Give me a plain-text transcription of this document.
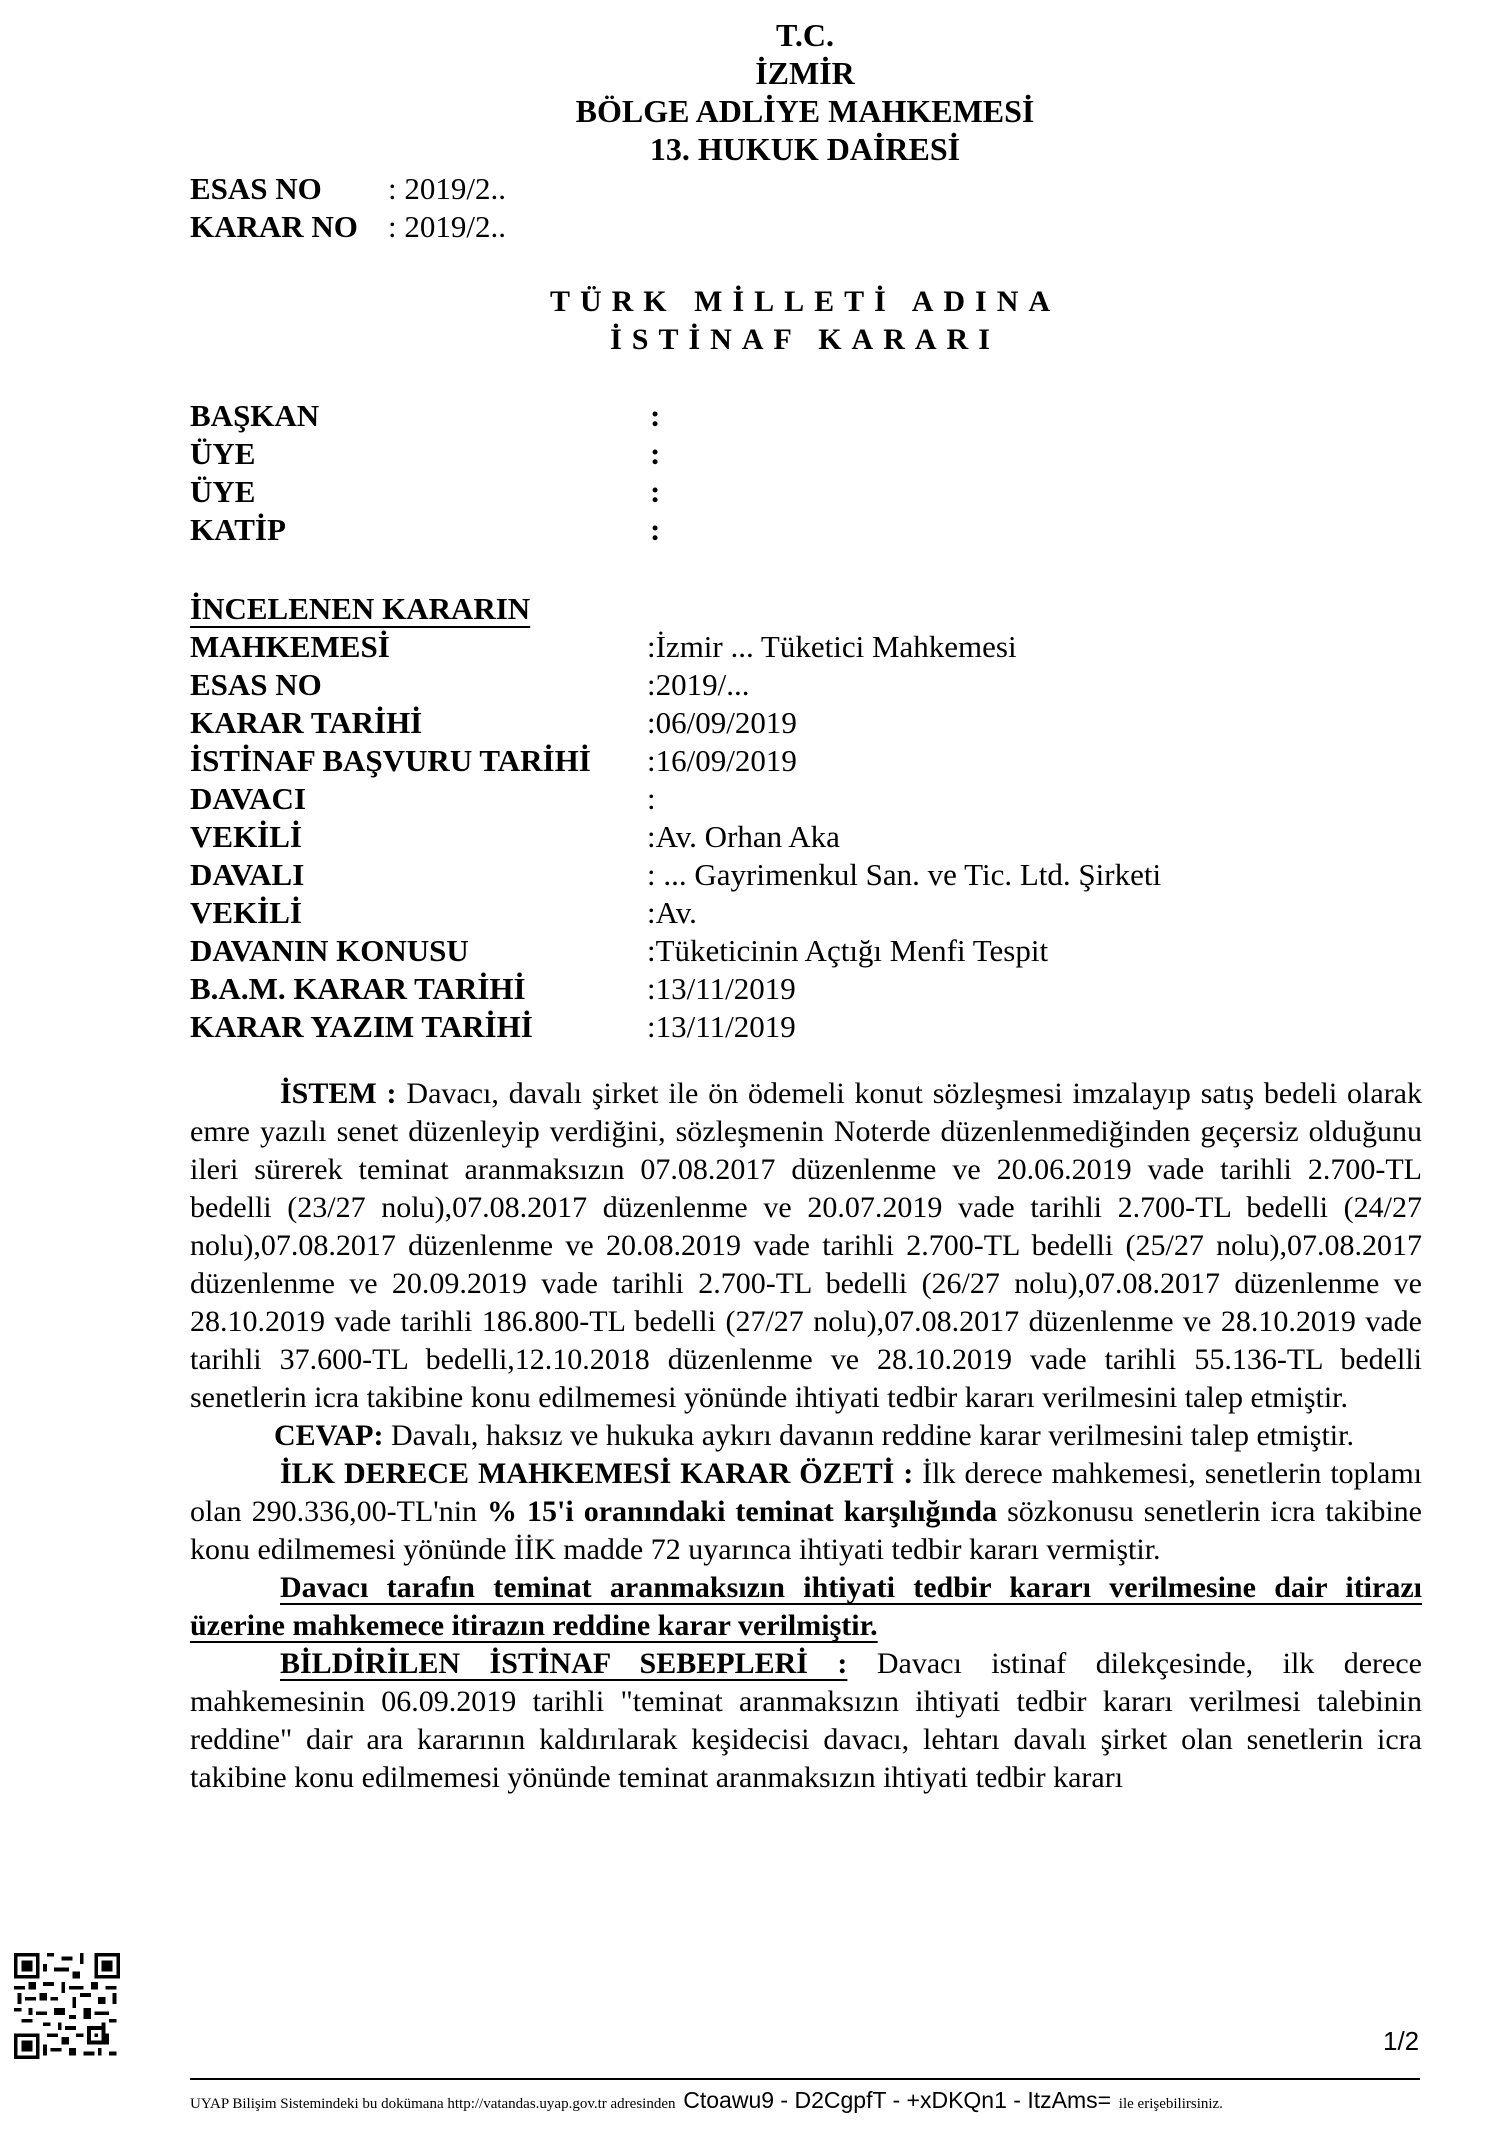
T.C.
İZMİR
BÖLGE ADLİYE MAHKEMESİ
13. HUKUK DAİRESİ
ESAS NO : 2019/2..
KARAR NO : 2019/2..
TÜRK MİLLETİ ADINA
İSTİNAF KARARI
BAŞKAN	:
ÜYE	:
ÜYE	:
KATİP	:
İNCELENEN KARARIN
MAHKEMESİ	:İzmir ... Tüketici Mahkemesi
ESAS NO	:2019/...
KARAR TARİHİ	:06/09/2019
İSTİNAF BAŞVURU TARİHİ :16/09/2019
DAVACI	:
VEKİLİ	:Av. Orhan Aka
DAVALI	: ... Gayrimenkul San. ve Tic. Ltd. Şirketi
VEKİLİ	:Av.
DAVANIN KONUSU	:Tüketicinin Açtığı Menfi Tespit
B.A.M. KARAR TARİHİ	:13/11/2019
KARAR YAZIM TARİHİ	:13/11/2019

İSTEM : Davacı, davalı şirket ile ön ödemeli konut sözleşmesi imzalayıp satış bedeli olarak emre yazılı senet düzenleyip verdiğini, sözleşmenin Noterde düzenlenmediğinden geçersiz olduğunu ileri sürerek teminat aranmaksızın 07.08.2017 düzenlenme ve 20.06.2019 vade tarihli 2.700-TL bedelli (23/27 nolu),07.08.2017 düzenlenme ve 20.07.2019 vade tarihli 2.700-TL bedelli (24/27 nolu),07.08.2017 düzenlenme ve 20.08.2019 vade tarihli 2.700-TL bedelli (25/27 nolu),07.08.2017 düzenlenme ve 20.09.2019 vade tarihli 2.700-TL bedelli (26/27 nolu),07.08.2017 düzenlenme ve 28.10.2019 vade tarihli 186.800-TL bedelli (27/27 nolu),07.08.2017 düzenlenme ve 28.10.2019 vade tarihli 37.600-TL bedelli,12.10.2018 düzenlenme ve 28.10.2019 vade tarihli 55.136-TL bedelli senetlerin icra takibine konu edilmemesi yönünde ihtiyati tedbir kararı verilmesini talep etmiştir.

CEVAP: Davalı, haksız ve hukuka aykırı davanın reddine karar verilmesini talep etmiştir.

İLK DERECE MAHKEMESİ KARAR ÖZETİ : İlk derece mahkemesi, senetlerin toplamı olan 290.336,00-TL'nin % 15'i oranındaki teminat karşılığında sözkonusu senetlerin icra takibine konu edilmemesi yönünde İİK madde 72 uyarınca ihtiyati tedbir kararı vermiştir.

Davacı tarafın teminat aranmaksızın ihtiyati tedbir kararı verilmesine dair itirazı üzerine mahkemece itirazın reddine karar verilmiştir.

BİLDİRİLEN İSTİNAF SEBEPLERİ : Davacı istinaf dilekçesinde, ilk derece mahkemesinin 06.09.2019 tarihli "teminat aranmaksızın ihtiyati tedbir kararı verilmesi talebinin reddine" dair ara kararının kaldırılarak keşidecisi davacı, lehtarı davalı şirket olan senetlerin icra takibine konu edilmemesi yönünde teminat aranmaksızın ihtiyati tedbir kararı

1/2
UYAP Bilişim Sistemindeki bu dokümana http://vatandas.uyap.gov.tr adresinden Ctoawu9 - D2CgpfT - +xDKQn1 - ItzAms= ile erişebilirsiniz.
